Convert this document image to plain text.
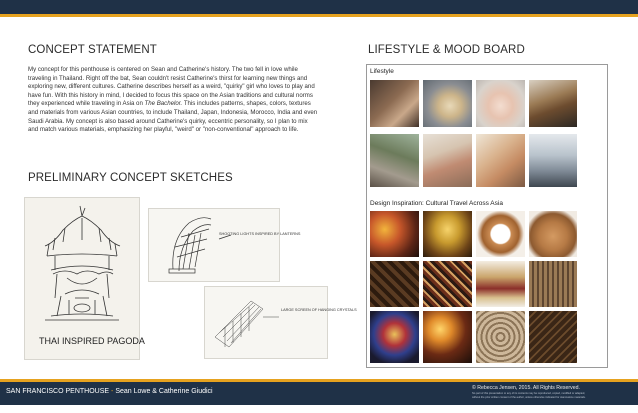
CONCEPT STATEMENT

My concept for this penthouse is centered on Sean and Catherine's history. The two fell in love while traveling in Thailand. Right off the bat, Sean couldn't resist Catherine's thirst for learning new things and exploring new, different cultures. Catherine describes herself as a weird, "quirky" girl who loves to play and have fun. With this history in mind, I decided to focus this space on the Asian traditions and cultural norms they experienced while traveling in Asia on The Bachelor. This includes patterns, shapes, colors, textures and materials from various Asian countries, to include Thailand, Japan, Indonesia, Morocco, India and even Saudi Arabia. My concept is also based around Catherine's quirky, eccentric personality, so I plan to mix and match various materials, emphasizing her playful, "weird" or "non-conventional" approach to life.

PRELIMINARY CONCEPT SKETCHES
THAI INSPIRED PAGODA
SHOOTING LIGHTS INSPIRED BY LANTERNS
LARGE SCREEN OF HANGING CRYSTALS
LIFESTYLE & MOOD BOARD
Lifestyle
Design Inspiration: Cultural Travel Across Asia
SAN FRANCISCO PENTHOUSE - Sean Lowe & Catherine Giudici	© Rebecca Jensen, 2015. All Rights Reserved.
No part of this presentation or any of its contents may be reproduced, copied, modified or adapted,
without the prior written consent of the author, unless otherwise indicated for stand-alone materials.
